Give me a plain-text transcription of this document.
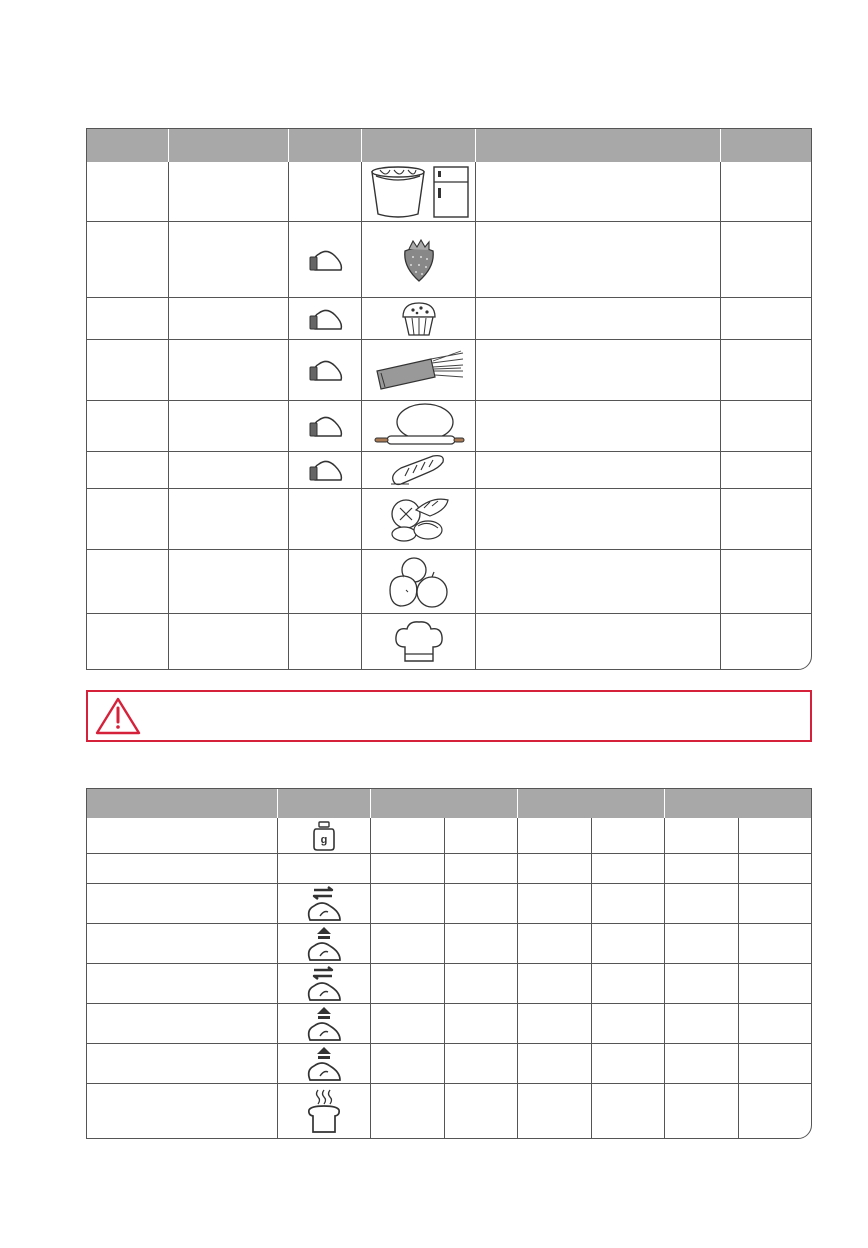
g
